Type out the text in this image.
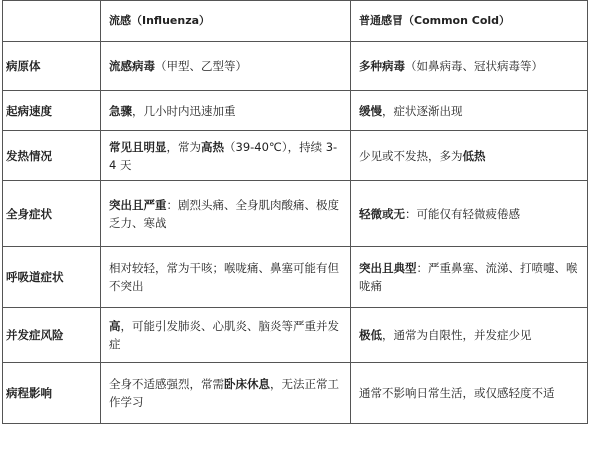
	流感（Influenza）	普通感冒（Common Cold）
病原体	流感病毒（甲型、乙型等）	多种病毒（如鼻病毒、冠状病毒等）
起病速度	急骤，几小时内迅速加重	缓慢，症状逐渐出现
发热情况	常见且明显，常为高热（39-40℃），持续 3-4 天	少见或不发热，多为低热
全身症状	突出且严重：剧烈头痛、全身肌肉酸痛、极度乏力、寒战	轻微或无：可能仅有轻微疲倦感
呼吸道症状	相对较轻，常为干咳；喉咙痛、鼻塞可能有但不突出	突出且典型：严重鼻塞、流涕、打喷嚏、喉咙痛
并发症风险	高，可能引发肺炎、心肌炎、脑炎等严重并发症	极低，通常为自限性，并发症少见
病程影响	全身不适感强烈，常需卧床休息，无法正常工作学习	通常不影响日常生活，或仅感轻度不适
